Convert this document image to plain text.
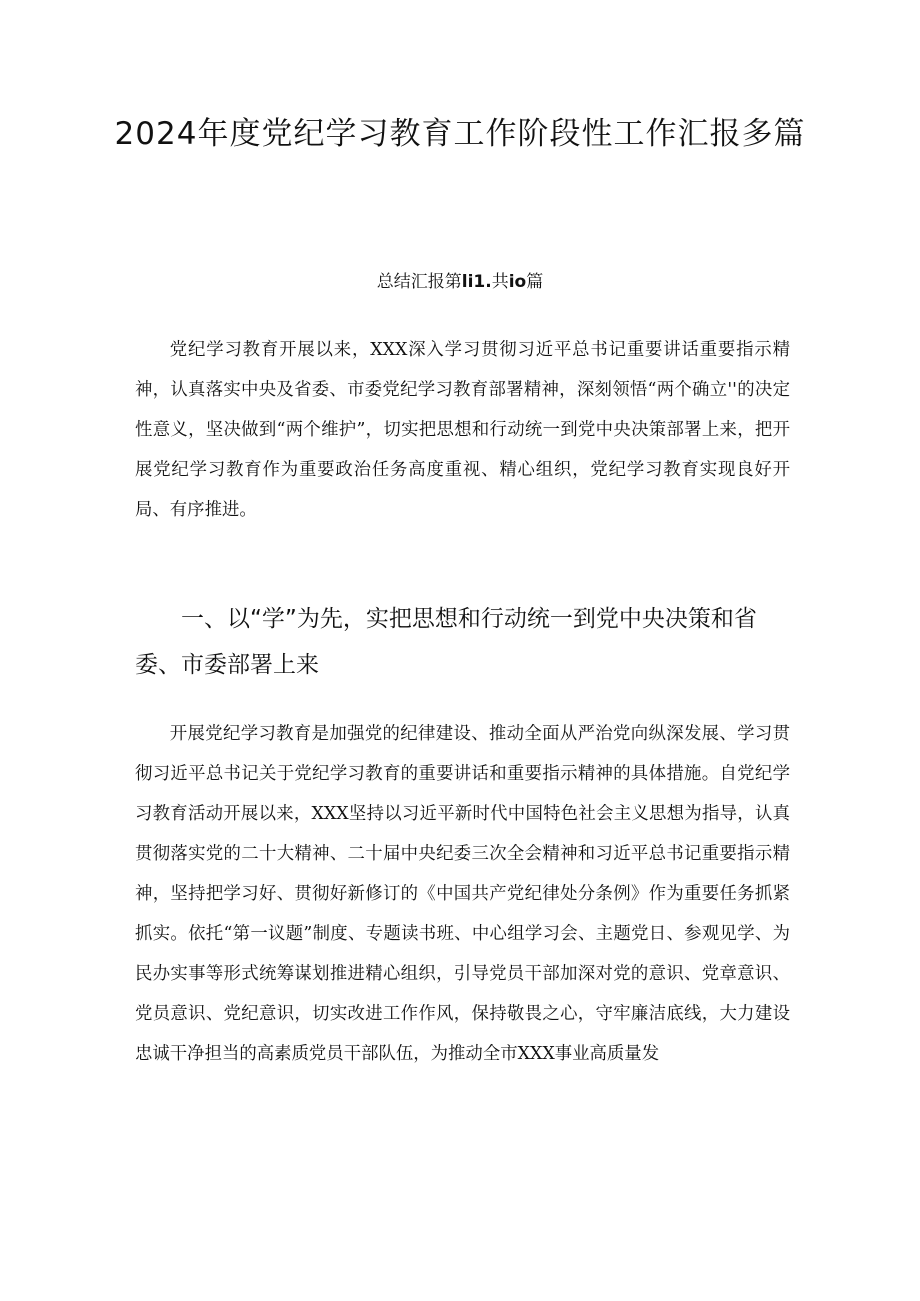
2024年度党纪学习教育工作阶段性工作汇报多篇

总结汇报第li1.共io篇

党纪学习教育开展以来，XXX深入学习贯彻习近平总书记重要讲话重要指示精神，认真落实中央及省委、市委党纪学习教育部署精神，深刻领悟“两个确立''的决定性意义，坚决做到“两个维护”，切实把思想和行动统一到党中央决策部署上来，把开展党纪学习教育作为重要政治任务高度重视、精心组织，党纪学习教育实现良好开局、有序推进。

一、以“学”为先，实把思想和行动统一到党中央决策和省委、市委部署上来

开展党纪学习教育是加强党的纪律建设、推动全面从严治党向纵深发展、学习贯彻习近平总书记关于党纪学习教育的重要讲话和重要指示精神的具体措施。自党纪学习教育活动开展以来，XXX坚持以习近平新时代中国特色社会主义思想为指导，认真贯彻落实党的二十大精神、二十届中央纪委三次全会精神和习近平总书记重要指示精神，坚持把学习好、贯彻好新修订的《中国共产党纪律处分条例》作为重要任务抓紧抓实。依托“第一议题”制度、专题读书班、中心组学习会、主题党日、参观见学、为民办实事等形式统筹谋划推进精心组织，引导党员干部加深对党的意识、党章意识、党员意识、党纪意识，切实改进工作作风，保持敬畏之心，守牢廉洁底线，大力建设忠诚干净担当的高素质党员干部队伍，为推动全市XXX事业高质量发
